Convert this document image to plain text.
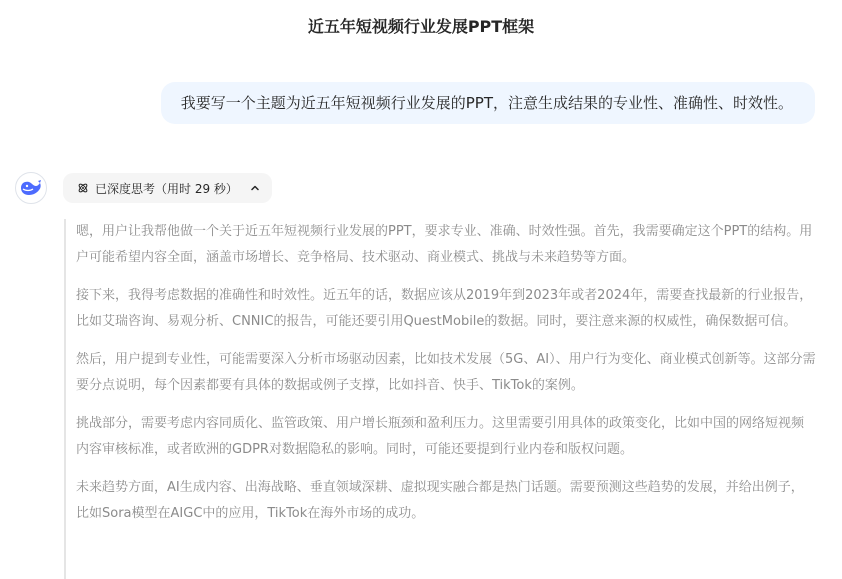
近五年短视频行业发展PPT框架
我要写一个主题为近五年短视频行业发展的PPT，注意生成结果的专业性、准确性、时效性。
已深度思考（用时 29 秒）

嗯，用户让我帮他做一个关于近五年短视频行业发展的PPT，要求专业、准确、时效性强。首先，我需要确定这个PPT的结构。用户可能希望内容全面，涵盖市场增长、竞争格局、技术驱动、商业模式、挑战与未来趋势等方面。

接下来，我得考虑数据的准确性和时效性。近五年的话，数据应该从2019年到2023年或者2024年，需要查找最新的行业报告，比如艾瑞咨询、易观分析、CNNIC的报告，可能还要引用QuestMobile的数据。同时，要注意来源的权威性，确保数据可信。

然后，用户提到专业性，可能需要深入分析市场驱动因素，比如技术发展（5G、AI）、用户行为变化、商业模式创新等。这部分需要分点说明，每个因素都要有具体的数据或例子支撑，比如抖音、快手、TikTok的案例。

挑战部分，需要考虑内容同质化、监管政策、用户增长瓶颈和盈利压力。这里需要引用具体的政策变化，比如中国的网络短视频内容审核标准，或者欧洲的GDPR对数据隐私的影响。同时，可能还要提到行业内卷和版权问题。

未来趋势方面，AI生成内容、出海战略、垂直领域深耕、虚拟现实融合都是热门话题。需要预测这些趋势的发展，并给出例子，比如Sora模型在AIGC中的应用，TikTok在海外市场的成功。
